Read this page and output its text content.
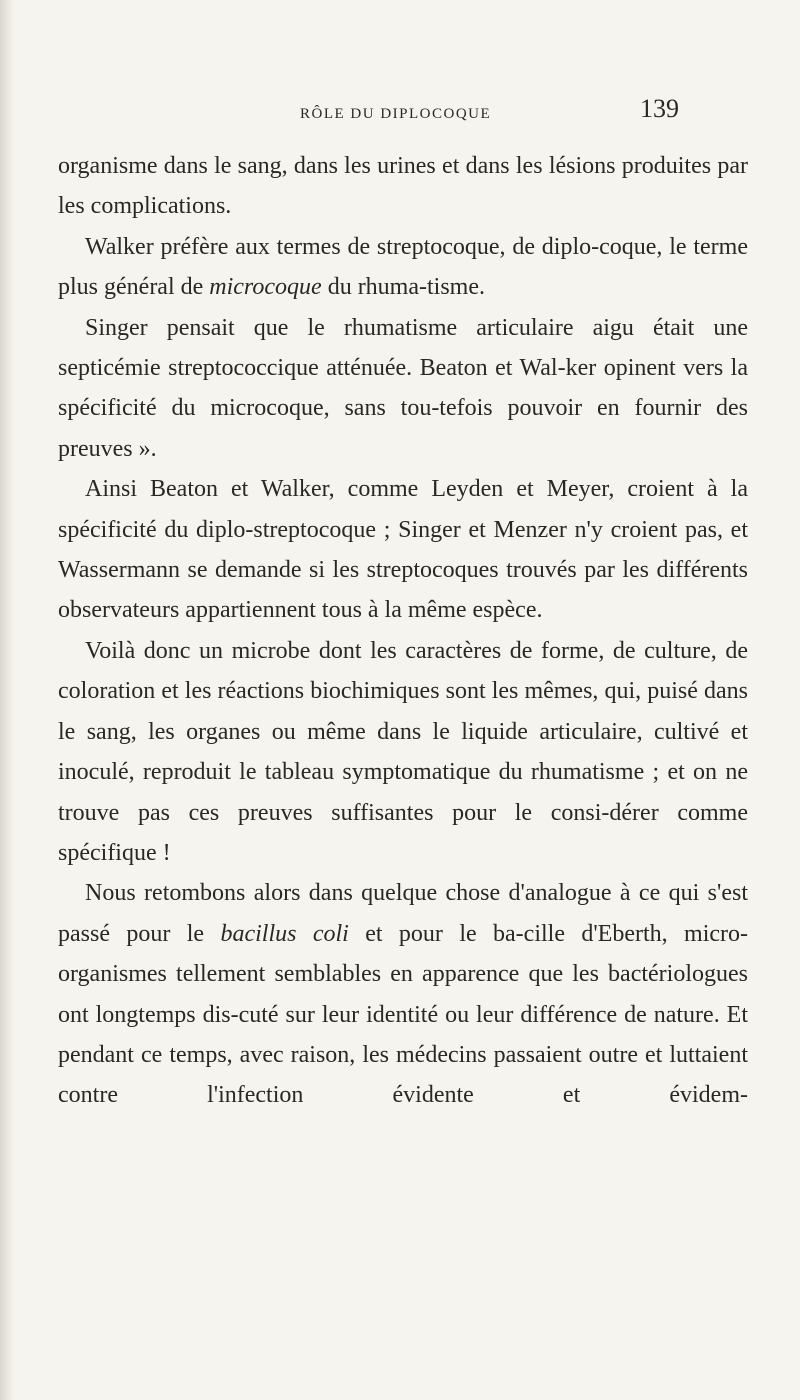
RÔLE DU DIPLOCOQUE	139

organisme dans le sang, dans les urines et dans les lésions produites par les complications.

Walker préfère aux termes de streptocoque, de diplo-coque, le terme plus général de microcoque du rhuma-tisme.

Singer pensait que le rhumatisme articulaire aigu était une septicémie streptococcique atténuée. Beaton et Wal-ker opinent vers la spécificité du microcoque, sans tou-tefois pouvoir en fournir des preuves ».

Ainsi Beaton et Walker, comme Leyden et Meyer, croient à la spécificité du diplo-streptocoque ; Singer et Menzer n'y croient pas, et Wassermann se demande si les streptocoques trouvés par les différents observateurs appartiennent tous à la même espèce.

Voilà donc un microbe dont les caractères de forme, de culture, de coloration et les réactions biochimiques sont les mêmes, qui, puisé dans le sang, les organes ou même dans le liquide articulaire, cultivé et inoculé, reproduit le tableau symptomatique du rhumatisme ; et on ne trouve pas ces preuves suffisantes pour le consi-dérer comme spécifique !

Nous retombons alors dans quelque chose d'analogue à ce qui s'est passé pour le bacillus coli et pour le ba-cille d'Eberth, micro-organismes tellement semblables en apparence que les bactériologues ont longtemps dis-cuté sur leur identité ou leur différence de nature. Et pendant ce temps, avec raison, les médecins passaient outre et luttaient contre l'infection évidente et évidem-
